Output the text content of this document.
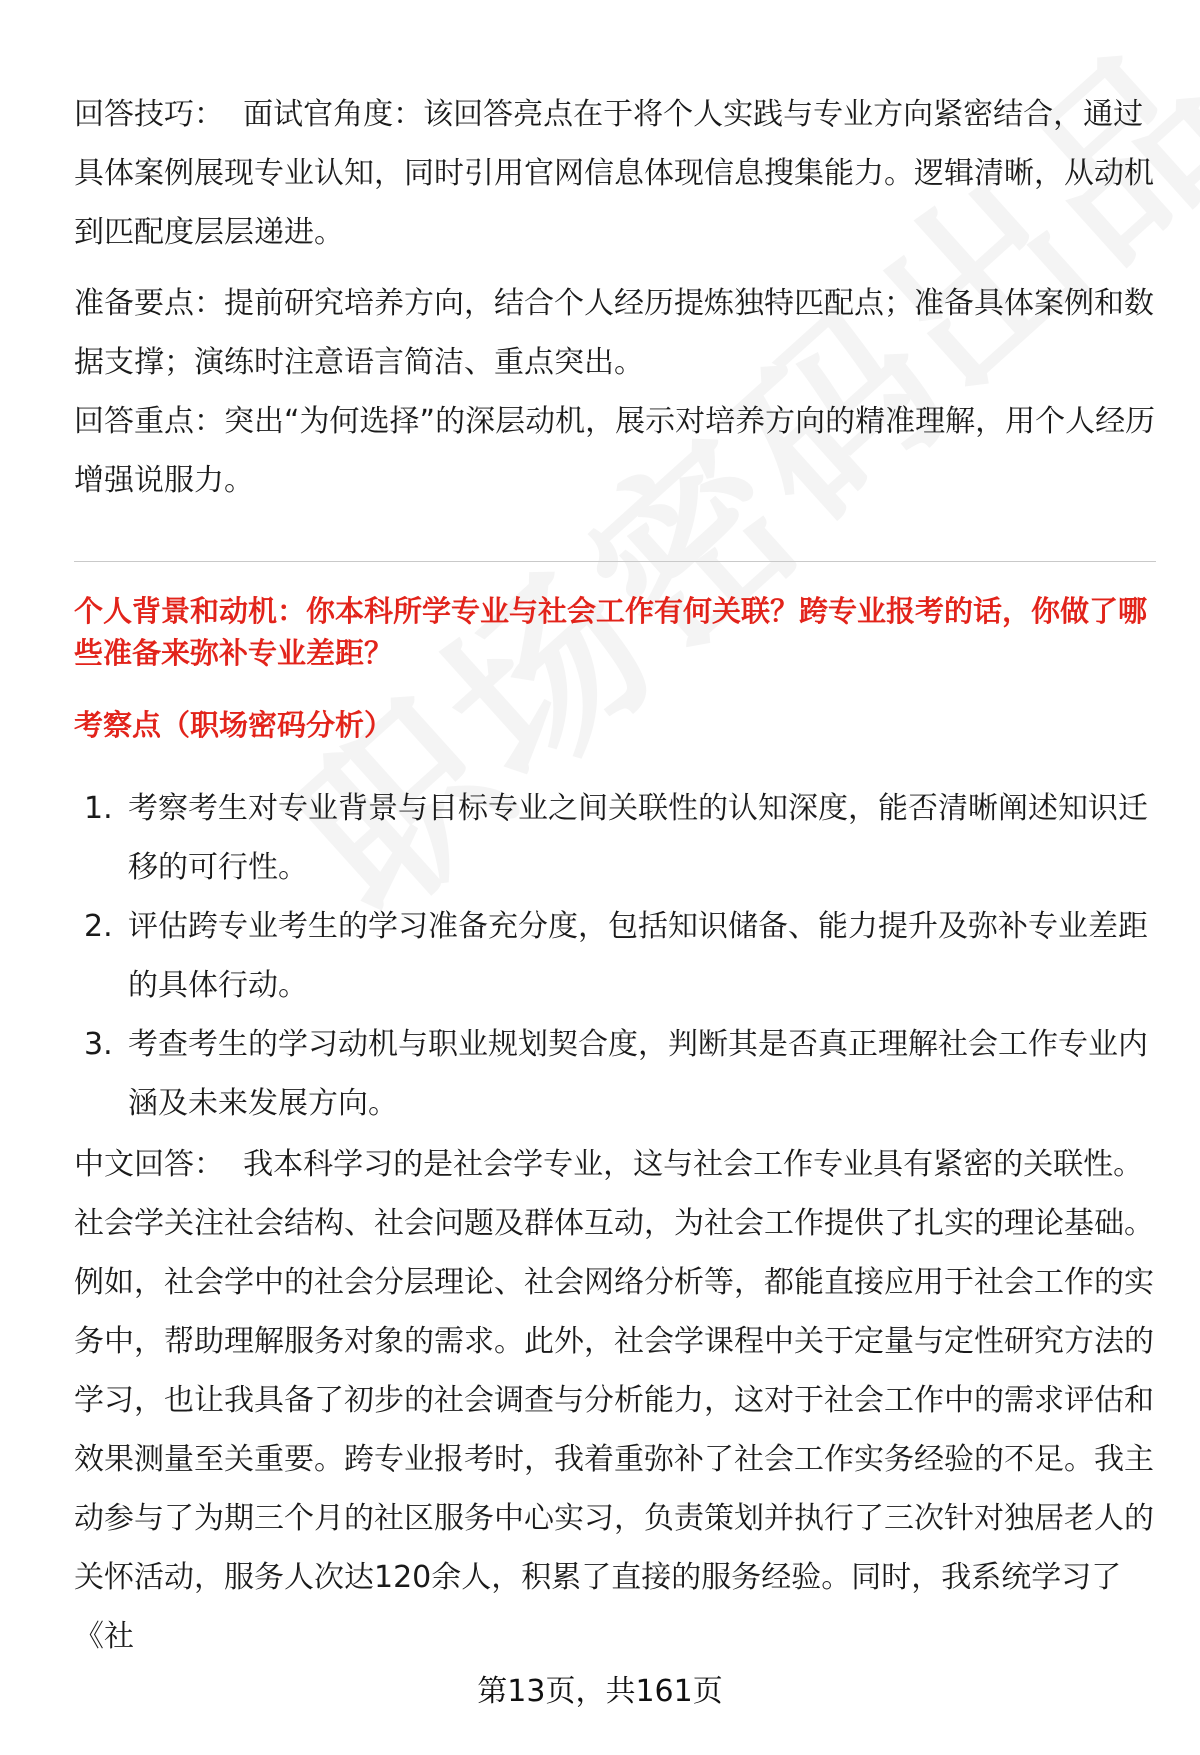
回答技巧： 面试官角度：该回答亮点在于将个人实践与专业方向紧密结合，通过具体案例展现专业认知，同时引用官网信息体现信息搜集能力。逻辑清晰，从动机到匹配度层层递进。

准备要点：提前研究培养方向，结合个人经历提炼独特匹配点；准备具体案例和数据支撑；演练时注意语言简洁、重点突出。

回答重点：突出“为何选择”的深层动机，展示对培养方向的精准理解，用个人经历增强说服力。

个人背景和动机：你本科所学专业与社会工作有何关联？跨专业报考的话，你做了哪些准备来弥补专业差距？

考察点（职场密码分析）

1. 考察考生对专业背景与目标专业之间关联性的认知深度，能否清晰阐述知识迁移的可行性。
2. 评估跨专业考生的学习准备充分度，包括知识储备、能力提升及弥补专业差距的具体行动。
3. 考查考生的学习动机与职业规划契合度，判断其是否真正理解社会工作专业内涵及未来发展方向。

中文回答： 我本科学习的是社会学专业，这与社会工作专业具有紧密的关联性。社会学关注社会结构、社会问题及群体互动，为社会工作提供了扎实的理论基础。例如，社会学中的社会分层理论、社会网络分析等，都能直接应用于社会工作的实务中，帮助理解服务对象的需求。此外，社会学课程中关于定量与定性研究方法的学习，也让我具备了初步的社会调查与分析能力，这对于社会工作中的需求评估和效果测量至关重要。跨专业报考时，我着重弥补了社会工作实务经验的不足。我主动参与了为期三个月的社区服务中心实习，负责策划并执行了三次针对独居老人的关怀活动，服务人次达120余人，积累了直接的服务经验。同时，我系统学习了《社

第13页，共161页
